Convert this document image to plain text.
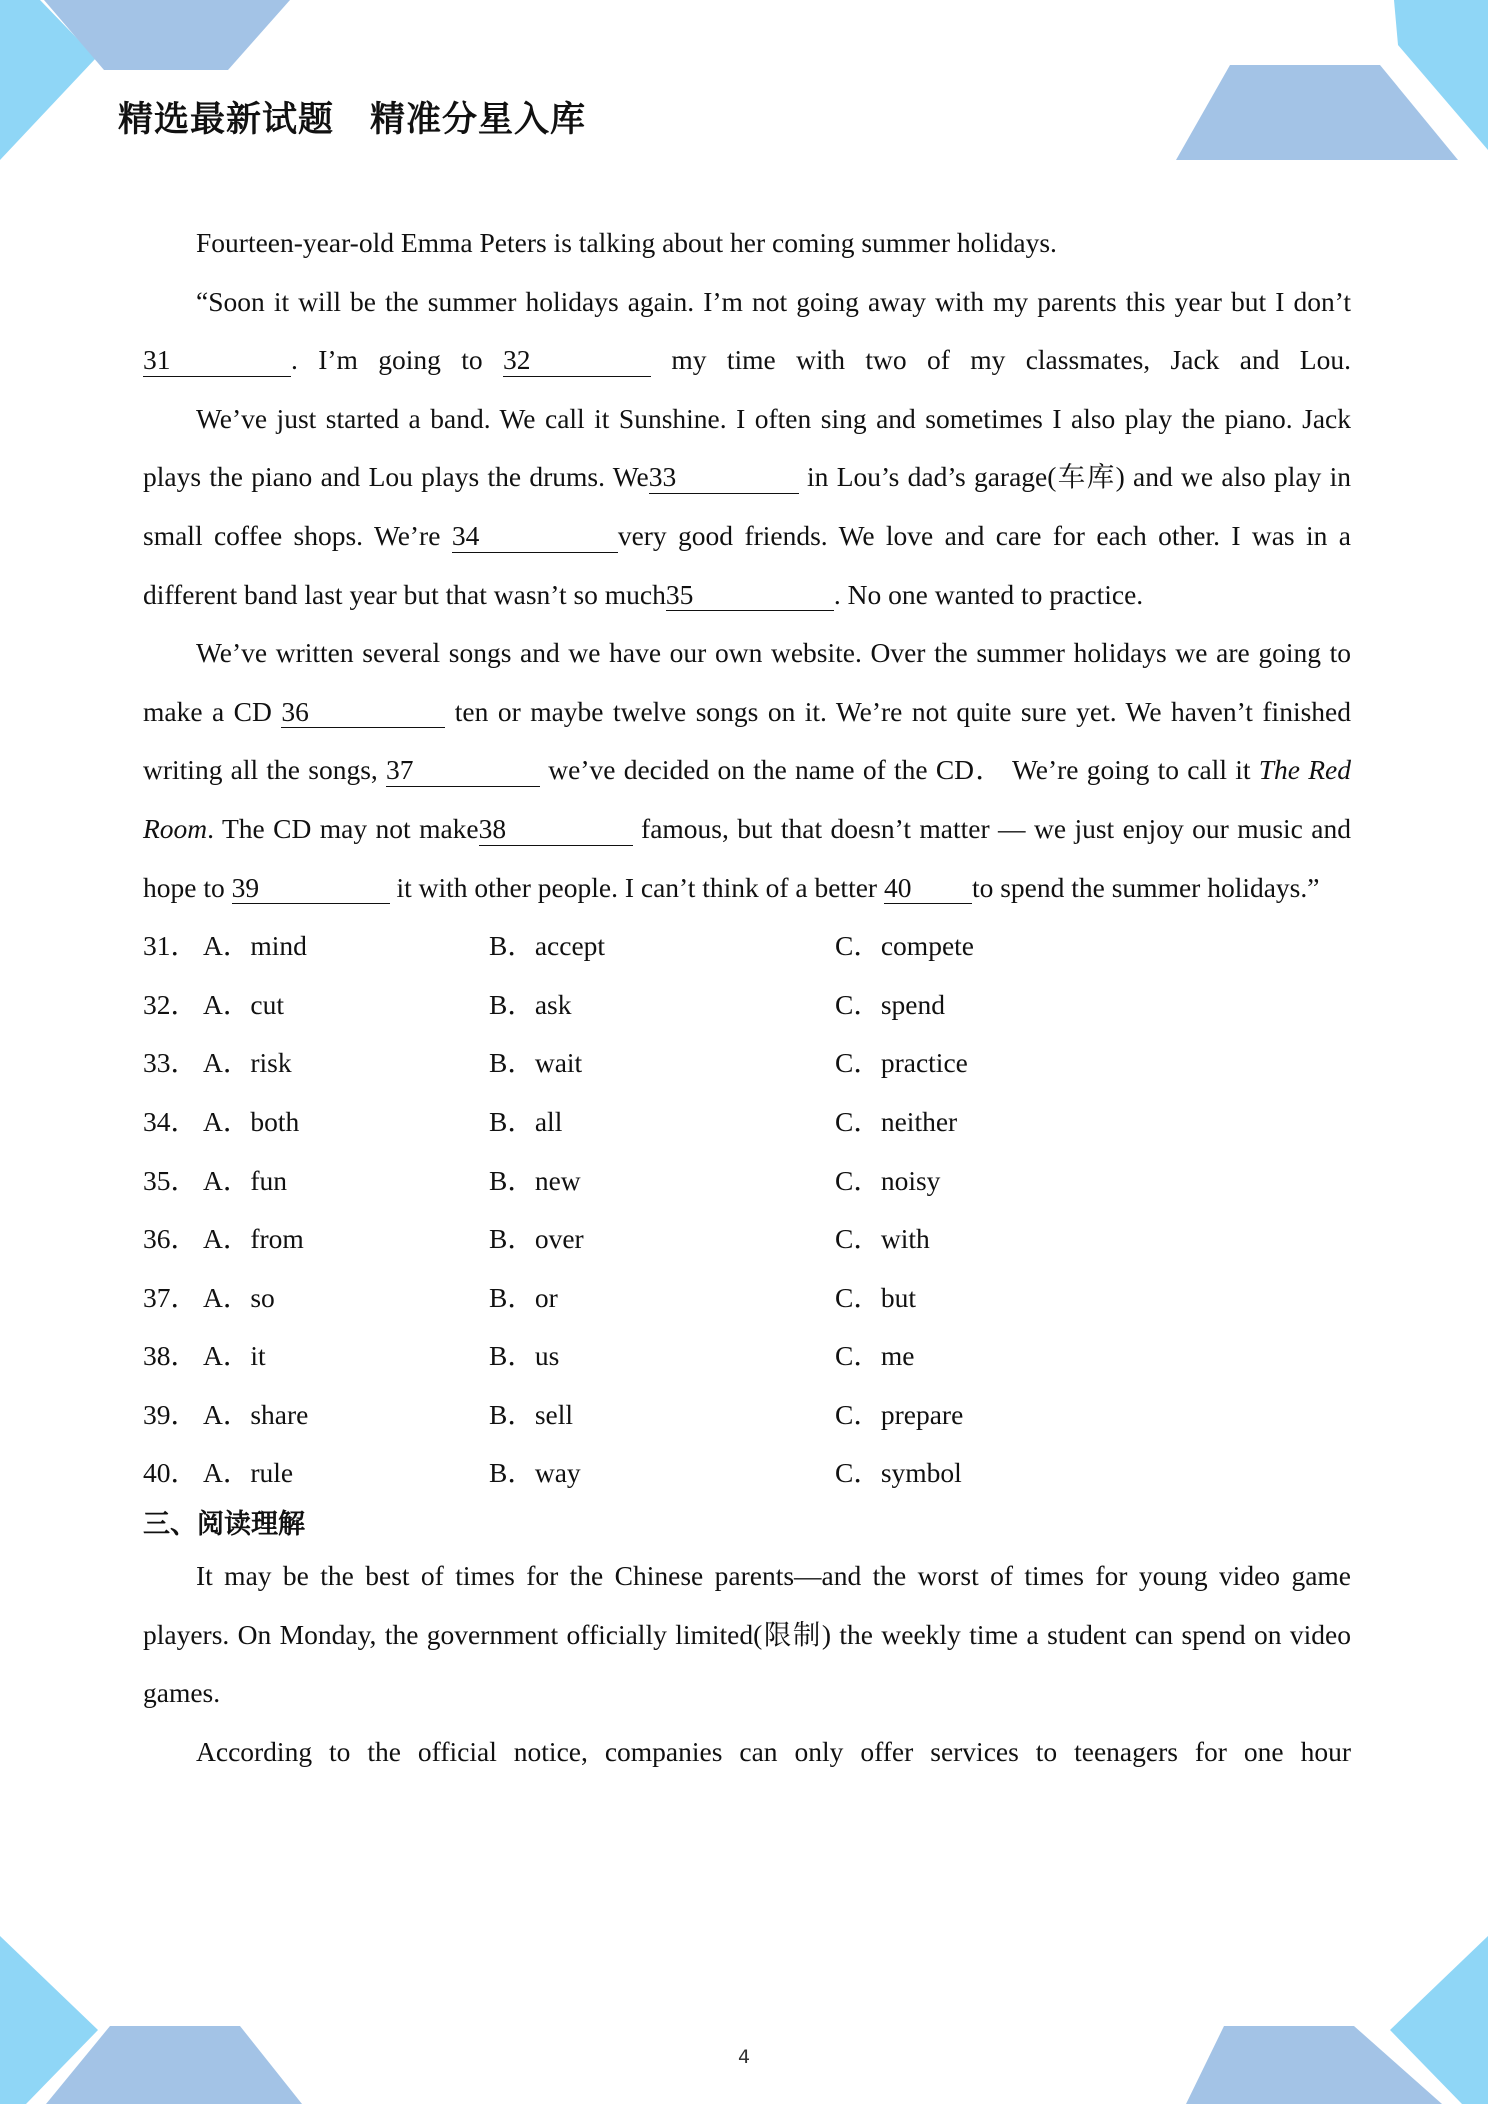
精选最新试题　精准分星入库

Fourteen-year-old Emma Peters is talking about her coming summer holidays.

“Soon it will be the summer holidays again. I’m not going away with my parents this year but I don’t 31	. I’m going to 32	my time with two of my classmates, Jack and Lou.

We’ve just started a band. We call it Sunshine. I often sing and sometimes I also play the piano. Jack plays the piano and Lou plays the drums. We33	in Lou’s dad’s garage(车库) and we also play in small coffee shops. We’re 34	very good friends. We love and care for each other. I was in a different band last year but that wasn’t so much35	. No one wanted to practice.

We’ve written several songs and we have our own website. Over the summer holidays we are going to make a CD 36	ten or maybe twelve songs on it. We’re not quite sure yet. We haven’t finished writing all the songs, 37	we’ve decided on the name of the CD． We’re going to call it The Red Room. The CD may not make38	famous, but that doesn’t matter — we just enjoy our music and hope to 39	it with other people. I can’t think of a better 40 to spend the summer holidays.”

31． A．mind	B．accept	C．compete
32． A．cut	B．ask	C．spend
33． A．risk	B．wait	C．practice
34． A．both	B．all	C．neither
35． A．fun	B．new	C．noisy
36． A．from	B．over	C．with
37． A．so	B．or	C．but
38． A．it	B．us	C．me
39． A．share	B．sell	C．prepare
40． A．rule	B．way	C．symbol

三、阅读理解

It may be the best of times for the Chinese parents—and the worst of times for young video game players. On Monday, the government officially limited(限制) the weekly time a student can spend on video games.

According to the official notice, companies can only offer services to teenagers for one hour

4
